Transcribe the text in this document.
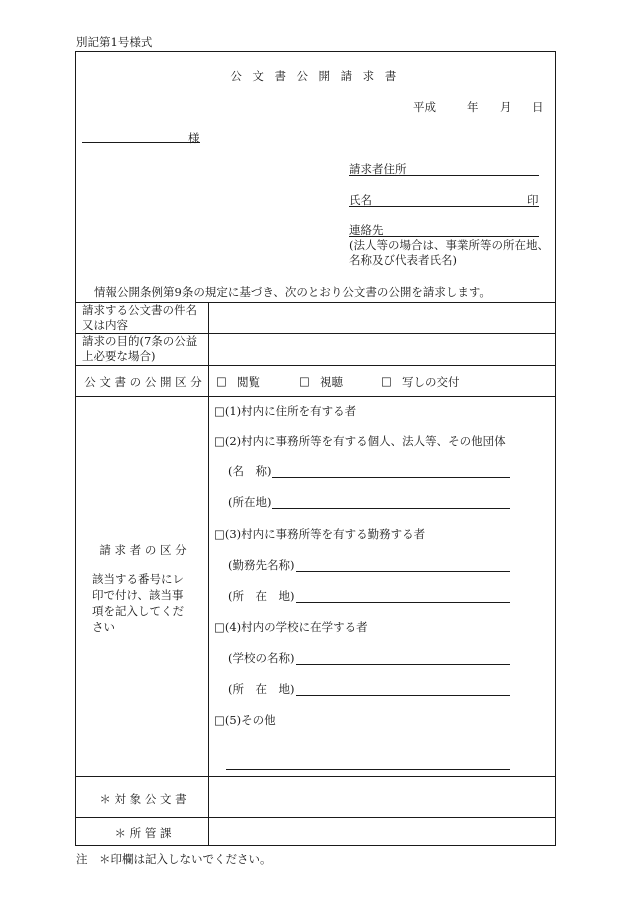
別記第1号様式
公 文 書 公 開 請 求 書
平成	年 月 日
様
請求者住所
氏名	印
連絡先
(法人等の場合は、事業所等の所在地、
名称及び代表者氏名)
情報公開条例第9条の規定に基づき、次のとおり公文書の公開を請求します。
請求する公文書の件名
又は内容
請求の目的(7条の公益
上必要な場合)
公 文 書 の 公 開 区 分 □ 閲覧	□ 視聴	□ 写しの交付
請 求 者 の 区 分
該当する番号にレ
印で付け、該当事
項を記入してくだ
さい
□(1)村内に住所を有する者
□(2)村内に事務所等を有する個人、法人等、その他団体
(名　称)
(所在地)
□(3)村内に事務所等を有する勤務する者
(勤務先名称)
(所　在　地)
□(4)村内の学校に在学する者
(学校の名称)
(所　在　地)
□(5)その他
＊ 対 象 公 文 書
＊ 所 管 課
注　＊印欄は記入しないでください。
